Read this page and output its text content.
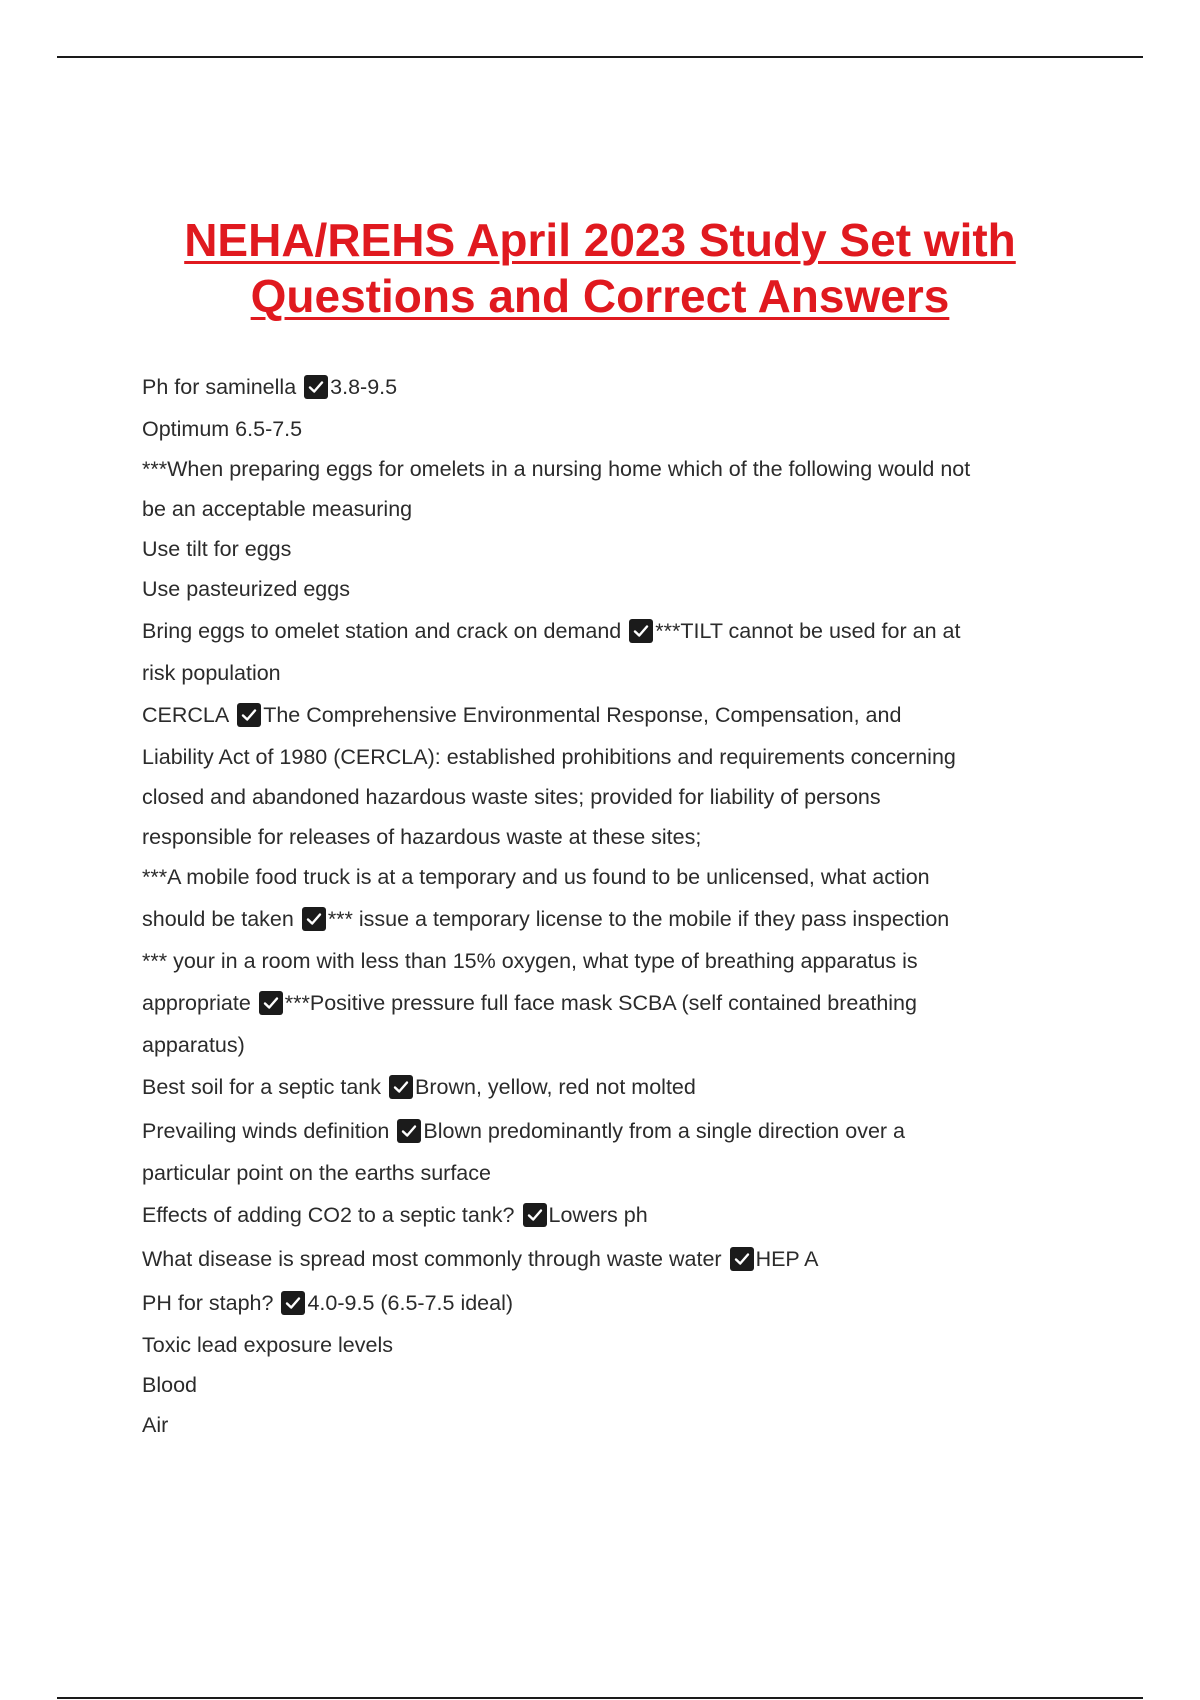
NEHA/REHS April 2023 Study Set with
Questions and Correct Answers
Ph for saminella 3.8-9.5
Optimum 6.5-7.5
***When preparing eggs for omelets in a nursing home which of the following would not
be an acceptable measuring
Use tilt for eggs
Use pasteurized eggs
Bring eggs to omelet station and crack on demand ***TILT cannot be used for an at
risk population
CERCLA The Comprehensive Environmental Response, Compensation, and
Liability Act of 1980 (CERCLA): established prohibitions and requirements concerning
closed and abandoned hazardous waste sites; provided for liability of persons
responsible for releases of hazardous waste at these sites;
***A mobile food truck is at a temporary and us found to be unlicensed, what action
should be taken *** issue a temporary license to the mobile if they pass inspection
*** your in a room with less than 15% oxygen, what type of breathing apparatus is
appropriate ***Positive pressure full face mask SCBA (self contained breathing
apparatus)
Best soil for a septic tank Brown, yellow, red not molted
Prevailing winds definition Blown predominantly from a single direction over a
particular point on the earths surface
Effects of adding CO2 to a septic tank? Lowers ph
What disease is spread most commonly through waste water HEP A
PH for staph? 4.0-9.5 (6.5-7.5 ideal)
Toxic lead exposure levels
Blood
Air
